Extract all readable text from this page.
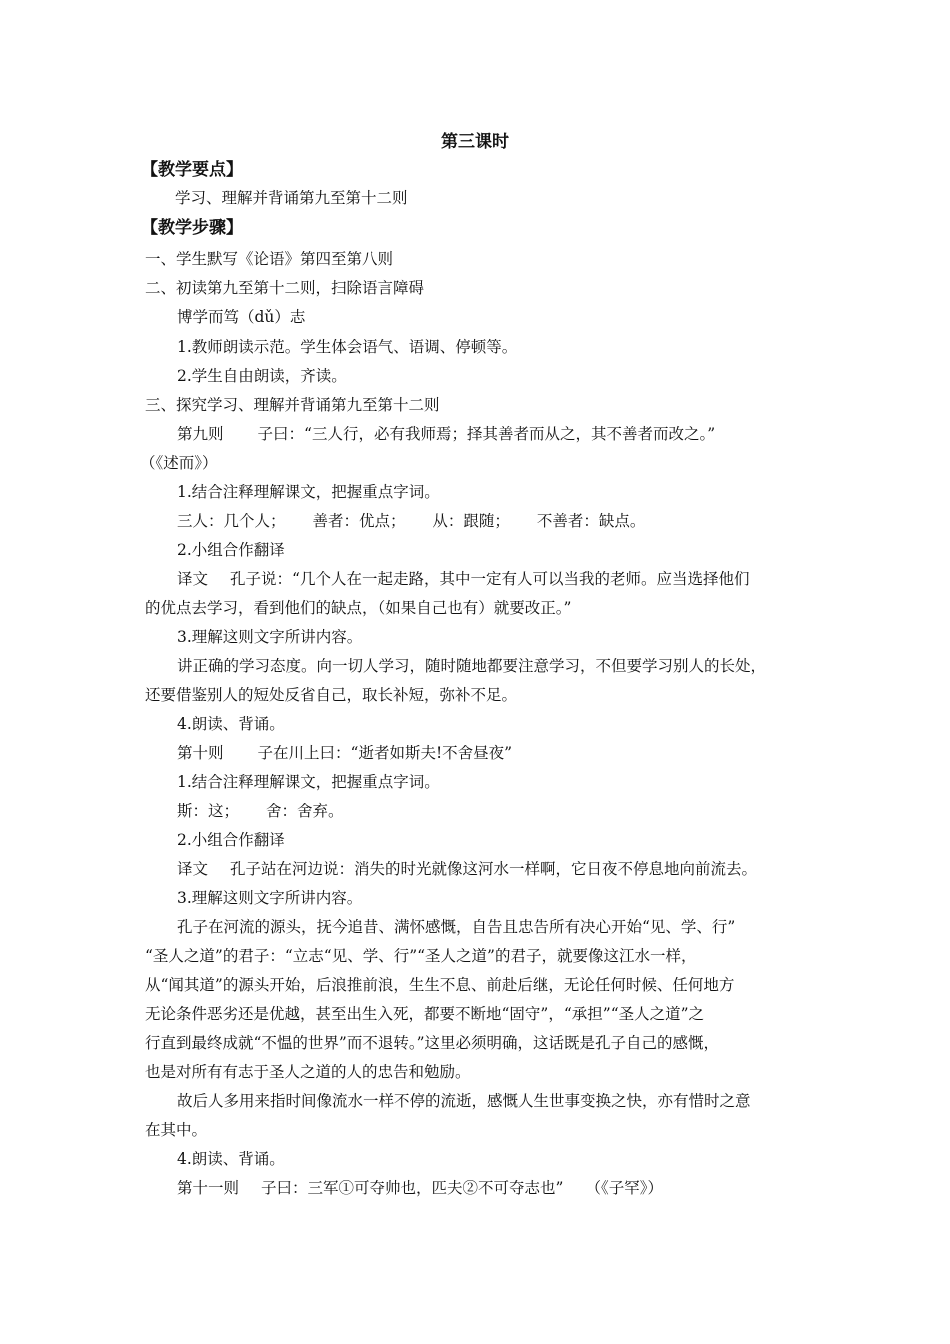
第三课时
【教学要点】
学习、理解并背诵第九至第十二则
【教学步骤】
一、学生默写《论语》第四至第八则
二、初读第九至第十二则，扫除语言障碍
博学而笃（dǔ）志
1.教师朗读示范。学生体会语气、语调、停顿等。
2.学生自由朗读，齐读。
三、探究学习、理解并背诵第九至第十二则
第九则 子曰：“三人行，必有我师焉；择其善者而从之，其不善者而改之。”
（《述而》）
1.结合注释理解课文，把握重点字词。
三人：几个人； 善者：优点； 从：跟随； 不善者：缺点。
2.小组合作翻译
译文 孔子说：“几个人在一起走路，其中一定有人可以当我的老师。应当选择他们
的优点去学习，看到他们的缺点，（如果自己也有）就要改正。”
3.理解这则文字所讲内容。
讲正确的学习态度。向一切人学习，随时随地都要注意学习，不但要学习别人的长处，
还要借鉴别人的短处反省自己，取长补短，弥补不足。
4.朗读、背诵。
第十则 子在川上曰：“逝者如斯夫!不舍昼夜”
1.结合注释理解课文，把握重点字词。
斯：这； 舍：舍弃。
2.小组合作翻译
译文 孔子站在河边说：消失的时光就像这河水一样啊，它日夜不停息地向前流去。
3.理解这则文字所讲内容。
孔子在河流的源头，抚今追昔、满怀感慨，自告且忠告所有决心开始“见、学、行”
“圣人之道”的君子：“立志“见、学、行”“圣人之道”的君子，就要像这江水一样，
从“闻其道”的源头开始，后浪推前浪，生生不息、前赴后继，无论任何时候、任何地方
无论条件恶劣还是优越，甚至出生入死，都要不断地“固守”，“承担”“圣人之道”之
行直到最终成就“不愠的世界”而不退转。”这里必须明确，这话既是孔子自己的感慨，
也是对所有有志于圣人之道的人的忠告和勉励。
故后人多用来指时间像流水一样不停的流逝，感慨人生世事变换之快，亦有惜时之意
在其中。
4.朗读、背诵。
第十一则 子曰：三军①可夺帅也，匹夫②不可夺志也” （《子罕》）
